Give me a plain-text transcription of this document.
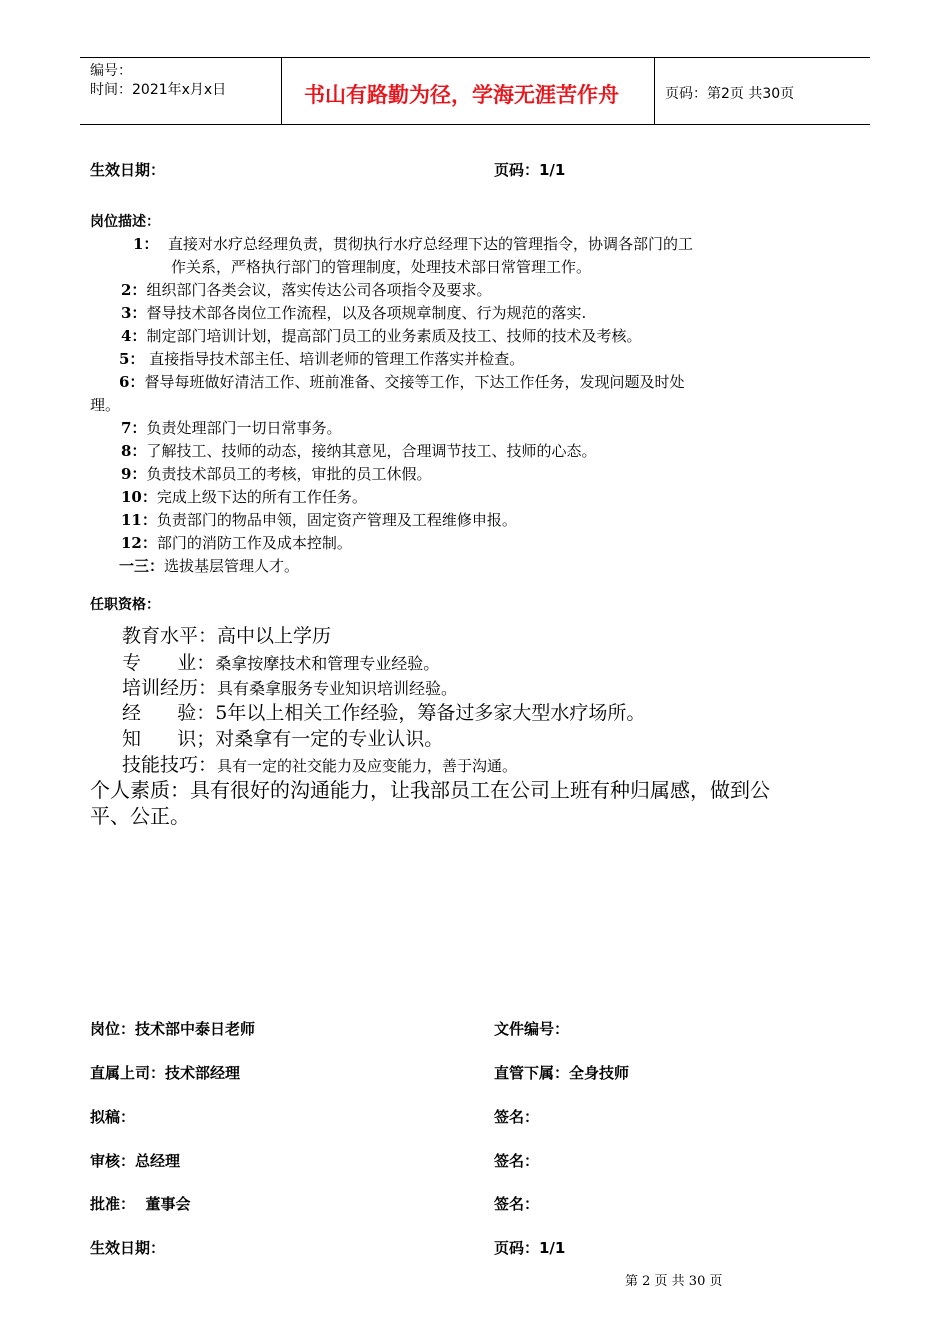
编号：
时间：2021年x月x日	书山有路勤为径，学海无涯苦作舟	页码：第2页 共30页
生效日期：	页码：1/1
岗位描述：
1： 直接对水疗总经理负责，贯彻执行水疗总经理下达的管理指令，协调各部门的工
作关系，严格执行部门的管理制度，处理技术部日常管理工作。
2：组织部门各类会议，落实传达公司各项指令及要求。
3：督导技术部各岗位工作流程，以及各项规章制度、行为规范的落实.
4：制定部门培训计划，提高部门员工的业务素质及技工、技师的技术及考核。
5： 直接指导技术部主任、培训老师的管理工作落实并检查。
6：督导每班做好清洁工作、班前准备、交接等工作，下达工作任务，发现问题及时处
理。
7：负责处理部门一切日常事务。
8：了解技工、技师的动态，接纳其意见，合理调节技工、技师的心态。
9：负责技术部员工的考核，审批的员工休假。
10：完成上级下达的所有工作任务。
11：负责部门的物品申领，固定资产管理及工程维修申报。
12：部门的消防工作及成本控制。
一三：选拔基层管理人才。
任职资格：
教育水平：高中以上学历
专      业：桑拿按摩技术和管理专业经验。
培训经历：具有桑拿服务专业知识培训经验。
经      验：5年以上相关工作经验，筹备过多家大型水疗场所。
知      识；对桑拿有一定的专业认识。
技能技巧：具有一定的社交能力及应变能力，善于沟通。
个人素质：具有很好的沟通能力，让我部员工在公司上班有种归属感，做到公
平、公正。
岗位：技术部中泰日老师	文件编号：
直属上司：技术部经理	直管下属：全身技师
拟稿：	签名：
审核：总经理	签名：
批准：  董事会	签名：
生效日期：	页码：1/1
第 2 页 共 30 页
